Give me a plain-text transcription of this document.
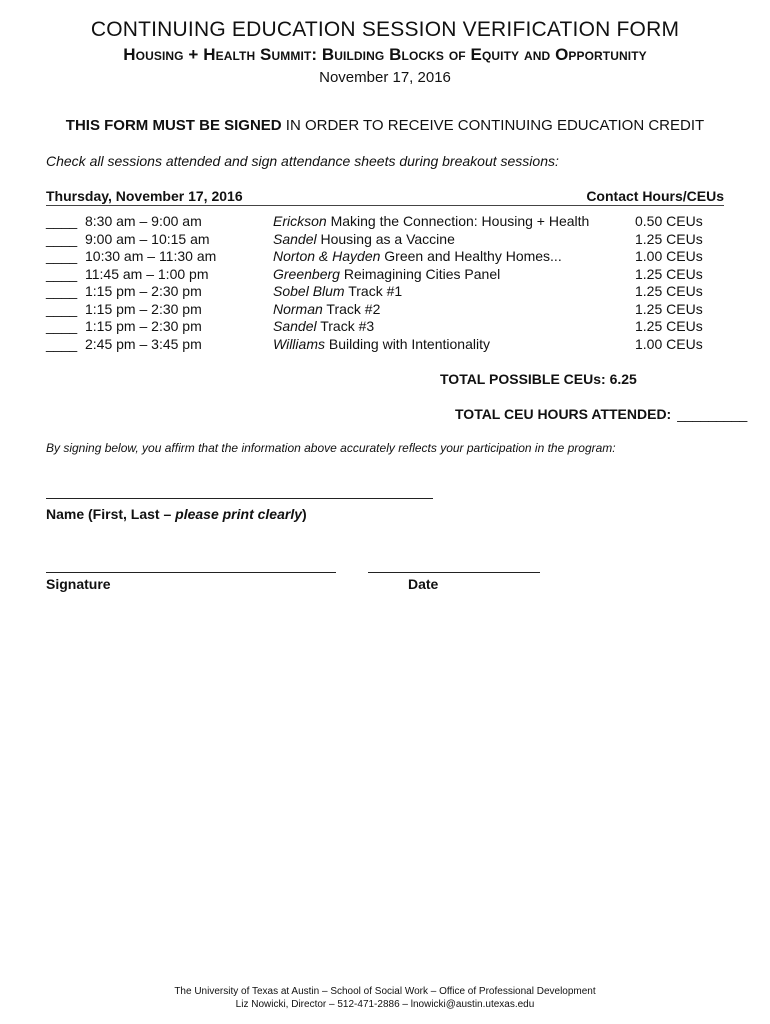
CONTINUING EDUCATION SESSION VERIFICATION FORM
Housing + Health Summit: Building Blocks of Equity and Opportunity
November 17, 2016
THIS FORM MUST BE SIGNED IN ORDER TO RECEIVE CONTINUING EDUCATION CREDIT
Check all sessions attended and sign attendance sheets during breakout sessions:
Thursday, November 17, 2016	Contact Hours/CEUs
____ 8:30 am – 9:00 am	Erickson Making the Connection: Housing + Health	0.50 CEUs
____ 9:00 am – 10:15 am	Sandel Housing as a Vaccine	1.25 CEUs
____ 10:30 am – 11:30 am	Norton & Hayden Green and Healthy Homes...	1.00 CEUs
____ 11:45 am – 1:00 pm	Greenberg Reimagining Cities Panel	1.25 CEUs
____ 1:15 pm – 2:30 pm	Sobel Blum Track #1	1.25 CEUs
____ 1:15 pm – 2:30 pm	Norman Track #2	1.25 CEUs
____ 1:15 pm – 2:30 pm	Sandel Track #3	1.25 CEUs
____ 2:45 pm – 3:45 pm	Williams Building with Intentionality	1.00 CEUs
TOTAL POSSIBLE CEUs: 6.25
TOTAL CEU HOURS ATTENDED: _________
By signing below, you affirm that the information above accurately reflects your participation in the program:
Name (First, Last – please print clearly)
Signature	Date
The University of Texas at Austin – School of Social Work – Office of Professional Development
Liz Nowicki, Director – 512-471-2886 – lnowicki@austin.utexas.edu
